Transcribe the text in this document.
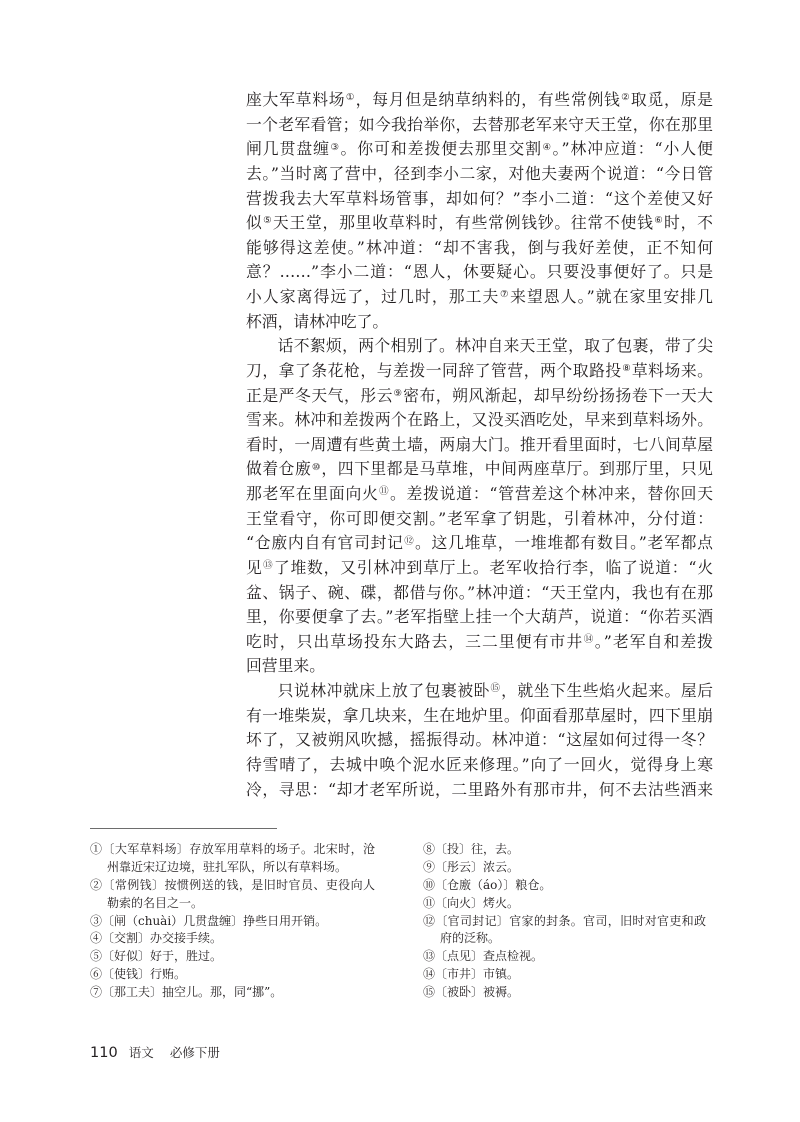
座大军草料场①，每月但是纳草纳料的，有些常例钱②取觅，原是
一个老军看管；如今我抬举你，去替那老军来守天王堂，你在那里
闸几贯盘缠③。你可和差拨便去那里交割④。”林冲应道：“小人便
去。”当时离了营中，径到李小二家，对他夫妻两个说道：“今日管
营拨我去大军草料场管事，却如何？”李小二道：“这个差使又好
似⑤天王堂，那里收草料时，有些常例钱钞。往常不使钱⑥时，不
能够得这差使。”林冲道：“却不害我，倒与我好差使，正不知何
意？……”李小二道：“恩人，休要疑心。只要没事便好了。只是
小人家离得远了，过几时，那工夫⑦来望恩人。”就在家里安排几
杯酒，请林冲吃了。
话不絮烦，两个相别了。林冲自来天王堂，取了包裹，带了尖
刀，拿了条花枪，与差拨一同辞了管营，两个取路投⑧草料场来。
正是严冬天气，彤云⑨密布，朔风渐起，却早纷纷扬扬卷下一天大
雪来。林冲和差拨两个在路上，又没买酒吃处，早来到草料场外。
看时，一周遭有些黄土墙，两扇大门。推开看里面时，七八间草屋
做着仓廒⑩，四下里都是马草堆，中间两座草厅。到那厅里，只见
那老军在里面向火⑪。差拨说道：“管营差这个林冲来，替你回天
王堂看守，你可即便交割。”老军拿了钥匙，引着林冲，分付道：
“仓廒内自有官司封记⑫。这几堆草，一堆堆都有数目。”老军都点
见⑬了堆数，又引林冲到草厅上。老军收拾行李，临了说道：“火
盆、锅子、碗、碟，都借与你。”林冲道：“天王堂内，我也有在那
里，你要便拿了去。”老军指壁上挂一个大葫芦，说道：“你若买酒
吃时，只出草场投东大路去，三二里便有市井⑭。”老军自和差拨
回营里来。
只说林冲就床上放了包裹被卧⑮，就坐下生些焰火起来。屋后
有一堆柴炭，拿几块来，生在地炉里。仰面看那草屋时，四下里崩
坏了，又被朔风吹撼，摇振得动。林冲道：“这屋如何过得一冬？
待雪晴了，去城中唤个泥水匠来修理。”向了一回火，觉得身上寒
冷，寻思：“却才老军所说，二里路外有那市井，何不去沽些酒来
①〔大军草料场〕存放军用草料的场子。北宋时，沧
州靠近宋辽边境，驻扎军队，所以有草料场。
②〔常例钱〕按惯例送的钱，是旧时官员、吏役向人
勒索的名目之一。
③〔闸（chuài）几贯盘缠〕挣些日用开销。
④〔交割〕办交接手续。
⑤〔好似〕好于，胜过。
⑥〔使钱〕行贿。
⑦〔那工夫〕抽空儿。那，同“挪”。
⑧〔投〕往，去。
⑨〔彤云〕浓云。
⑩〔仓廒（áo）〕粮仓。
⑪〔向火〕烤火。
⑫〔官司封记〕官家的封条。官司，旧时对官吏和政
府的泛称。
⑬〔点见〕查点检视。
⑭〔市井〕市镇。
⑮〔被卧〕被褥。
110 语文 必修下册
